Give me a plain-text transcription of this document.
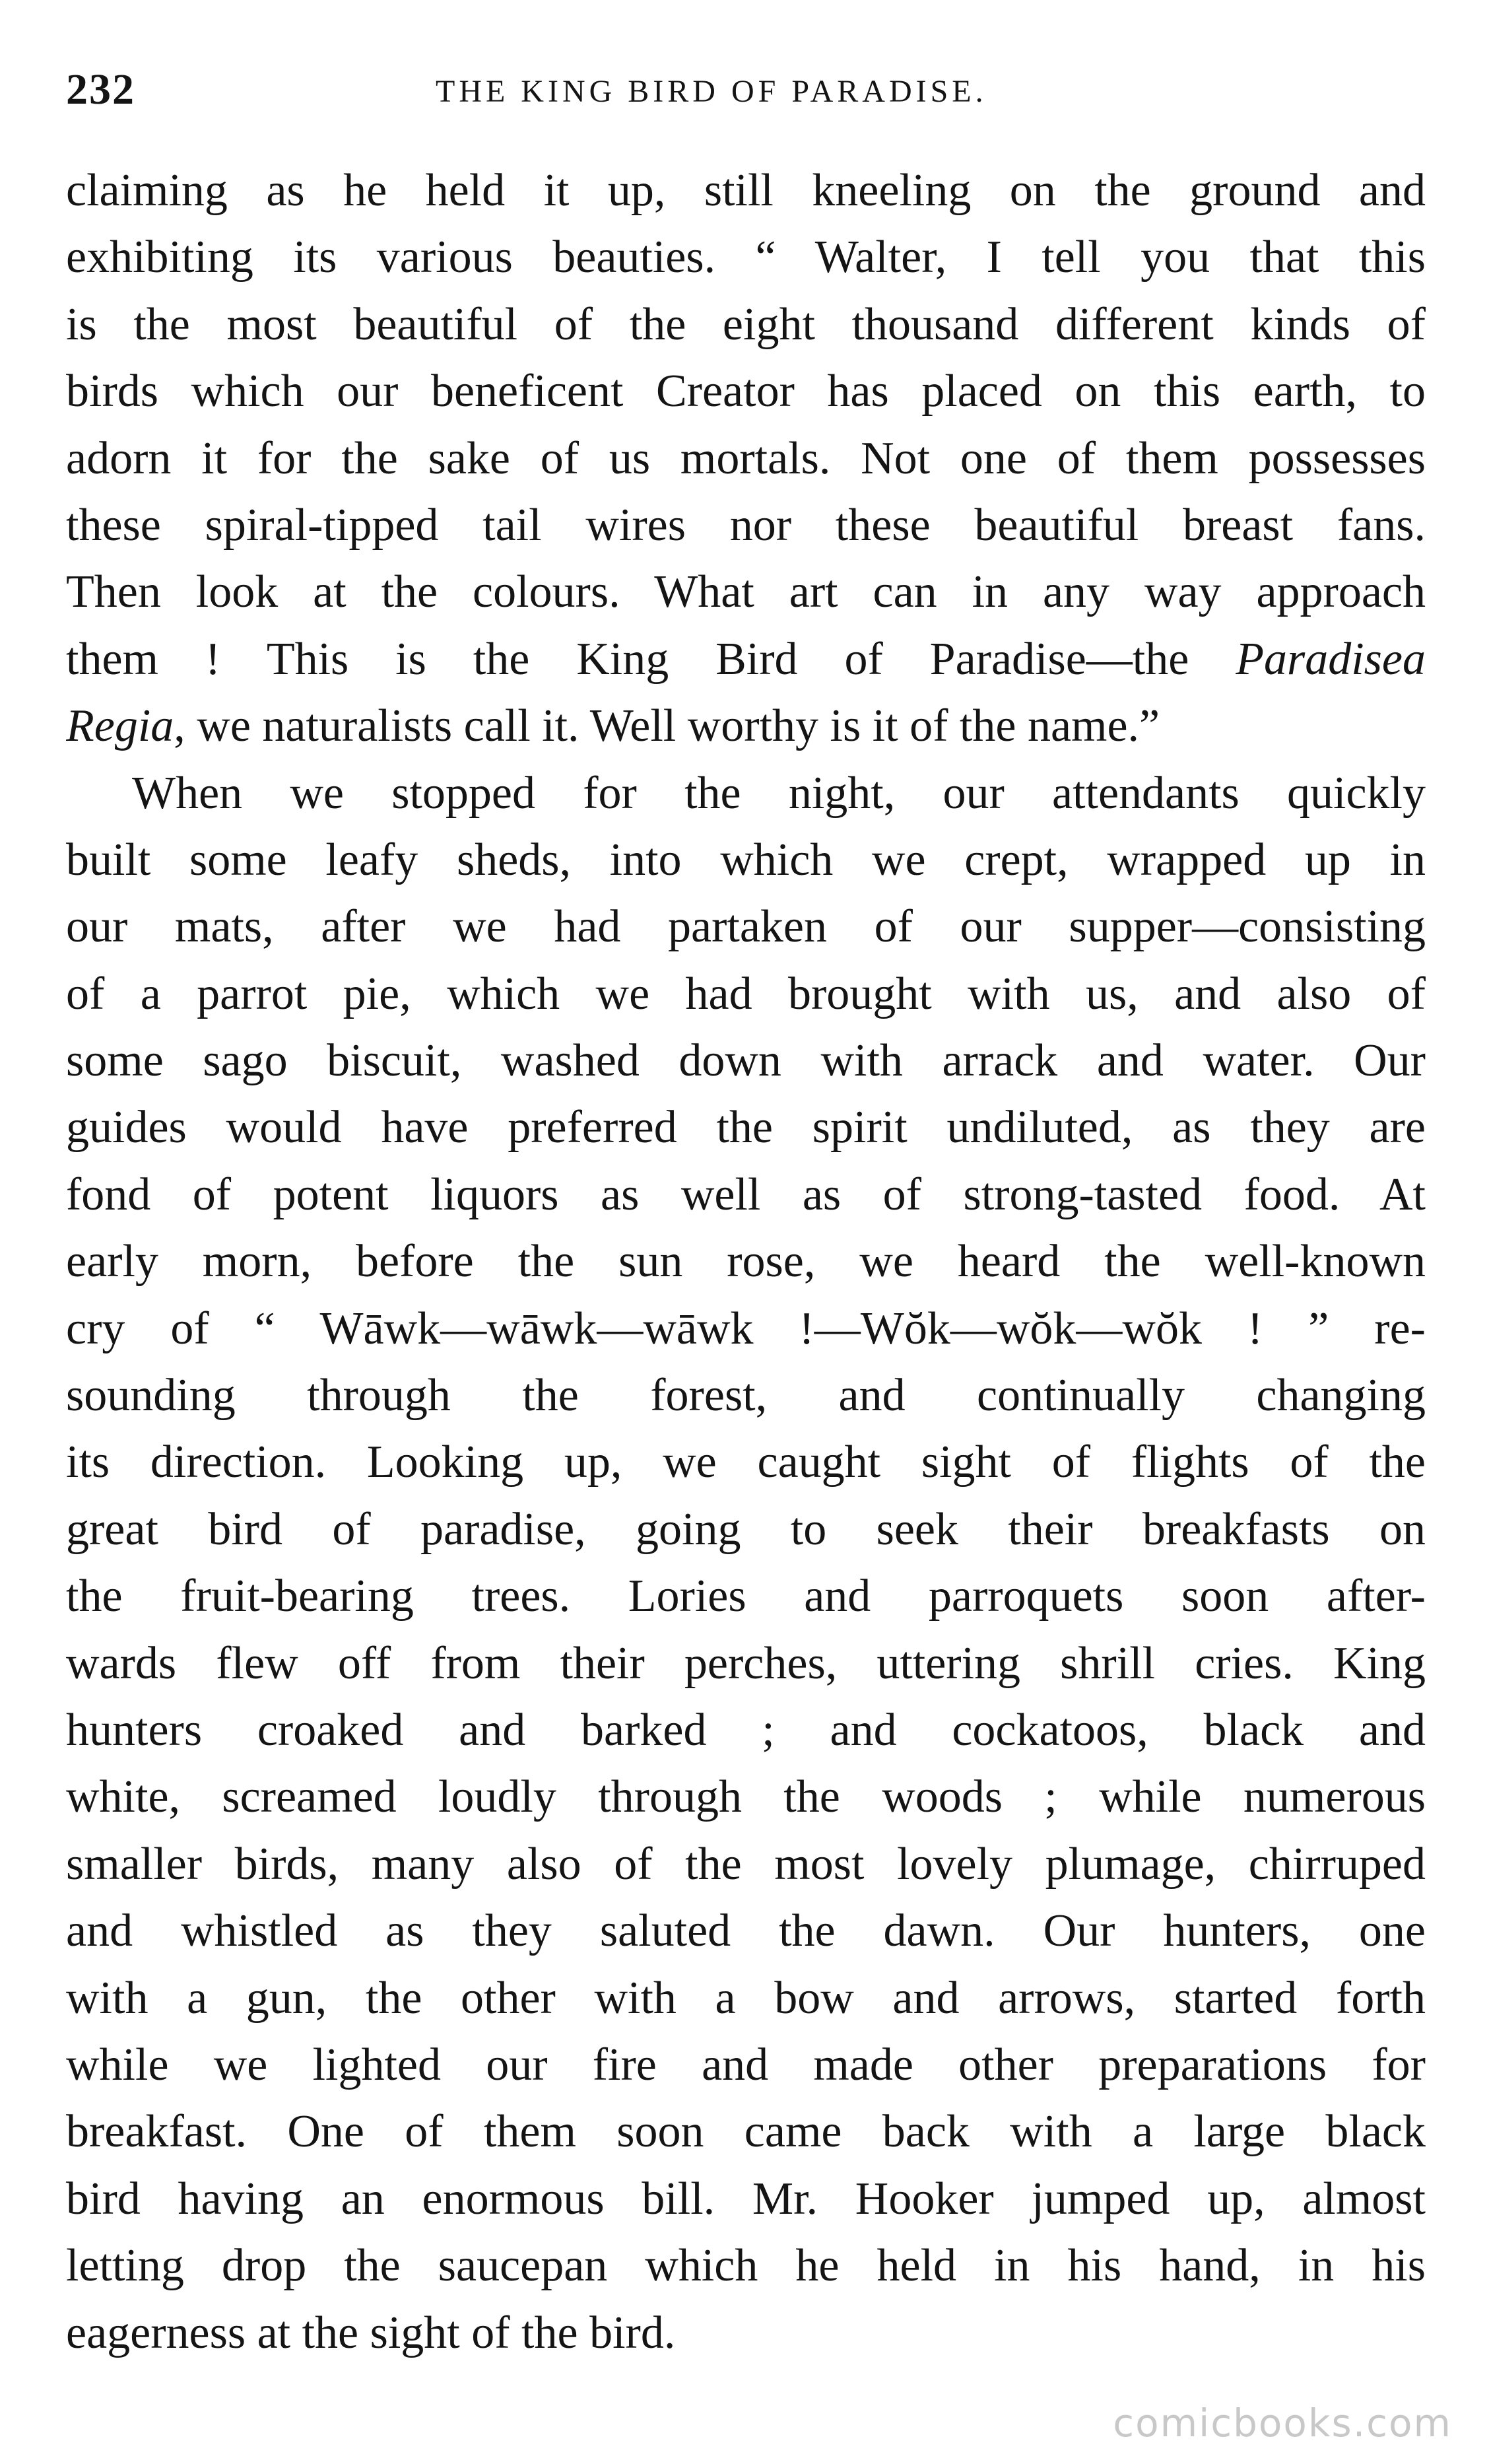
232	THE KING BIRD OF PARADISE.
claiming as he held it up, still kneeling on the ground and
exhibiting its various beauties. “ Walter, I tell you that this
is the most beautiful of the eight thousand different kinds of
birds which our beneficent Creator has placed on this earth, to
adorn it for the sake of us mortals. Not one of them possesses
these spiral-tipped tail wires nor these beautiful breast fans.
Then look at the colours. What art can in any way approach
them ! This is the King Bird of Paradise—the Paradisea
Regia, we naturalists call it. Well worthy is it of the name.”
When we stopped for the night, our attendants quickly
built some leafy sheds, into which we crept, wrapped up in
our mats, after we had partaken of our supper—consisting
of a parrot pie, which we had brought with us, and also of
some sago biscuit, washed down with arrack and water. Our
guides would have preferred the spirit undiluted, as they are
fond of potent liquors as well as of strong-tasted food. At
early morn, before the sun rose, we heard the well-known
cry of “ Wāwk—wāwk—wāwk !—Wŏk—wŏk—wŏk ! ” re-
sounding through the forest, and continually changing
its direction. Looking up, we caught sight of flights of the
great bird of paradise, going to seek their breakfasts on
the fruit-bearing trees. Lories and parroquets soon after-
wards flew off from their perches, uttering shrill cries. King
hunters croaked and barked ; and cockatoos, black and
white, screamed loudly through the woods ; while numerous
smaller birds, many also of the most lovely plumage, chirruped
and whistled as they saluted the dawn. Our hunters, one
with a gun, the other with a bow and arrows, started forth
while we lighted our fire and made other preparations for
breakfast. One of them soon came back with a large black
bird having an enormous bill. Mr. Hooker jumped up, almost
letting drop the saucepan which he held in his hand, in his
eagerness at the sight of the bird.
comicbooks.com
